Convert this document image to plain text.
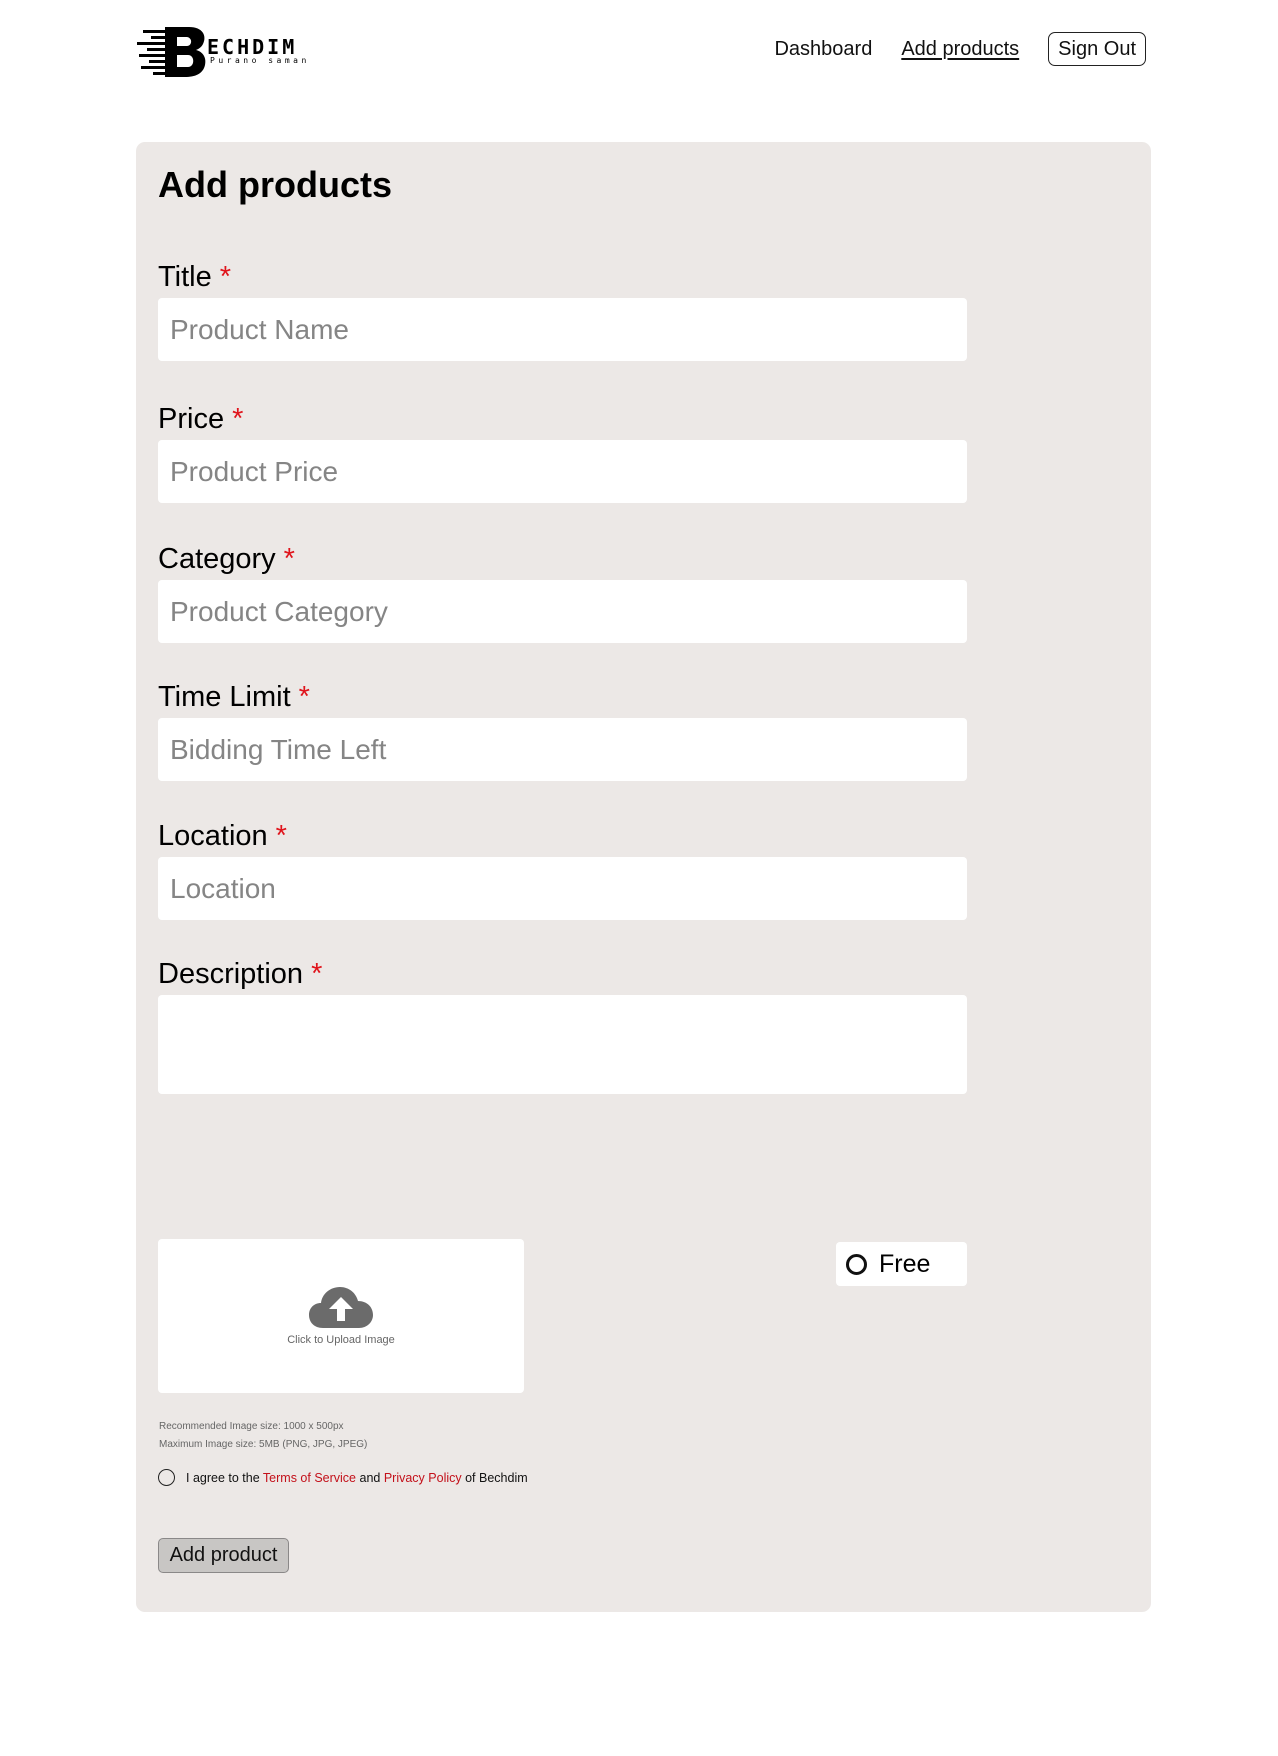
ECHDIM
Purano saman
Dashboard Add products	Sign Out
Add products
Title *
Product Name
Price *
Product Price
Category *
Product Category
Time Limit *
Bidding Time Left
Location *
Location
Description *
Click to Upload Image
Free
Recommended Image size: 1000 x 500px
Maximum Image size: 5MB (PNG, JPG, JPEG)
I agree to the Terms of Service and Privacy Policy of Bechdim
Add product
